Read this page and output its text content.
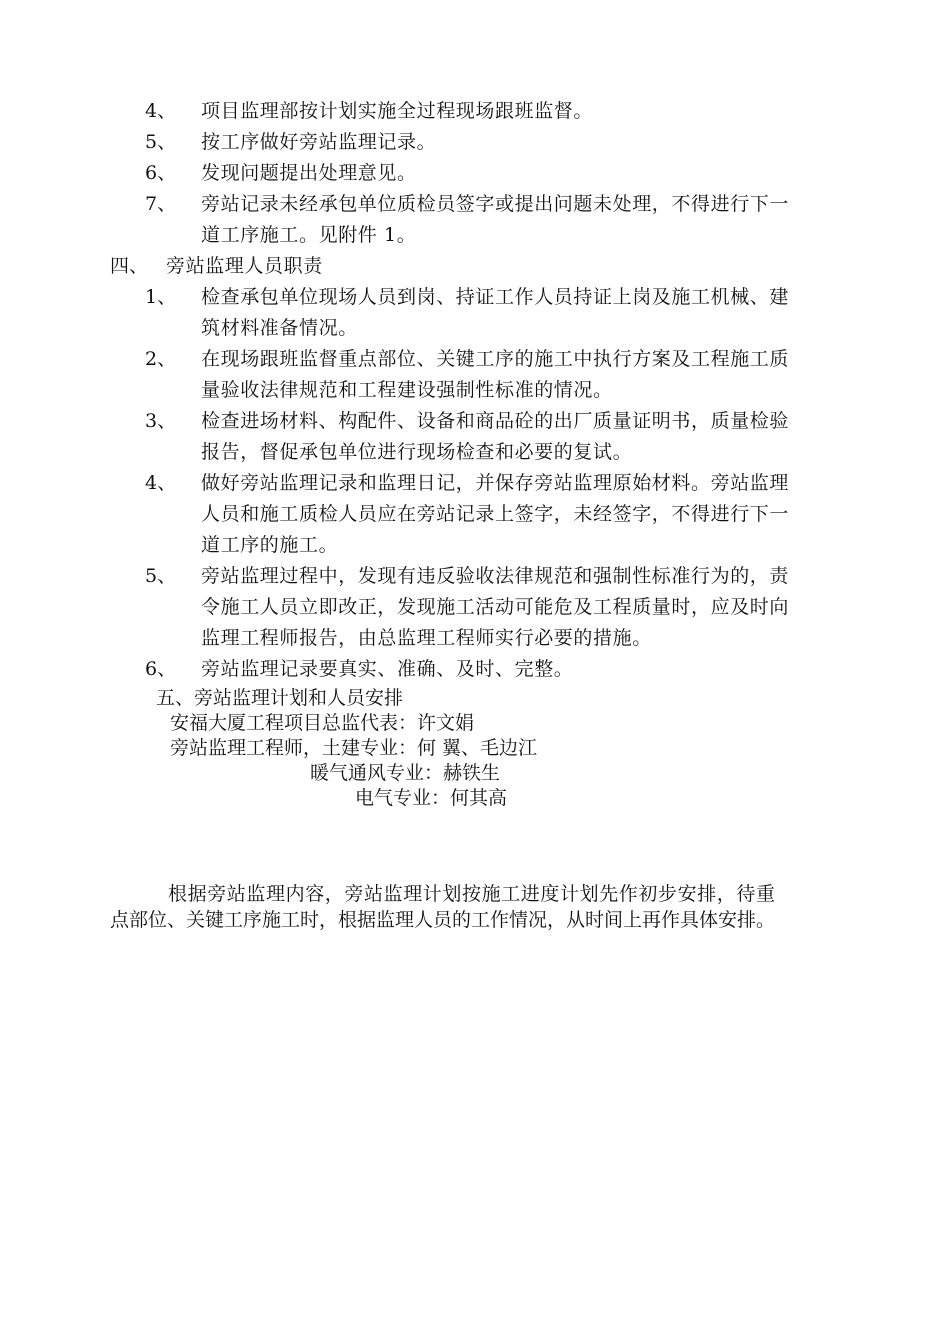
4、 项目监理部按计划实施全过程现场跟班监督。
5、 按工序做好旁站监理记录。
6、 发现问题提出处理意见。
7、 旁站记录未经承包单位质检员签字或提出问题未处理，不得进行下一
道工序施工。见附件 1。
四、 旁站监理人员职责
1、 检查承包单位现场人员到岗、持证工作人员持证上岗及施工机械、建
筑材料准备情况。
2、 在现场跟班监督重点部位、关键工序的施工中执行方案及工程施工质
量验收法律规范和工程建设强制性标准的情况。
3、 检查进场材料、构配件、设备和商品砼的出厂质量证明书，质量检验
报告，督促承包单位进行现场检查和必要的复试。
4、 做好旁站监理记录和监理日记，并保存旁站监理原始材料。旁站监理
人员和施工质检人员应在旁站记录上签字，未经签字，不得进行下一
道工序的施工。
5、 旁站监理过程中，发现有违反验收法律规范和强制性标准行为的，责
令施工人员立即改正，发现施工活动可能危及工程质量时，应及时向
监理工程师报告，由总监理工程师实行必要的措施。
6、 旁站监理记录要真实、准确、及时、完整。
五、旁站监理计划和人员安排
安福大厦工程项目总监代表：许文娟
旁站监理工程师，土建专业：何 翼、毛边江
暖气通风专业：赫铁生
电气专业：何其高
根据旁站监理内容，旁站监理计划按施工进度计划先作初步安排，待重
点部位、关键工序施工时，根据监理人员的工作情况，从时间上再作具体安排。
